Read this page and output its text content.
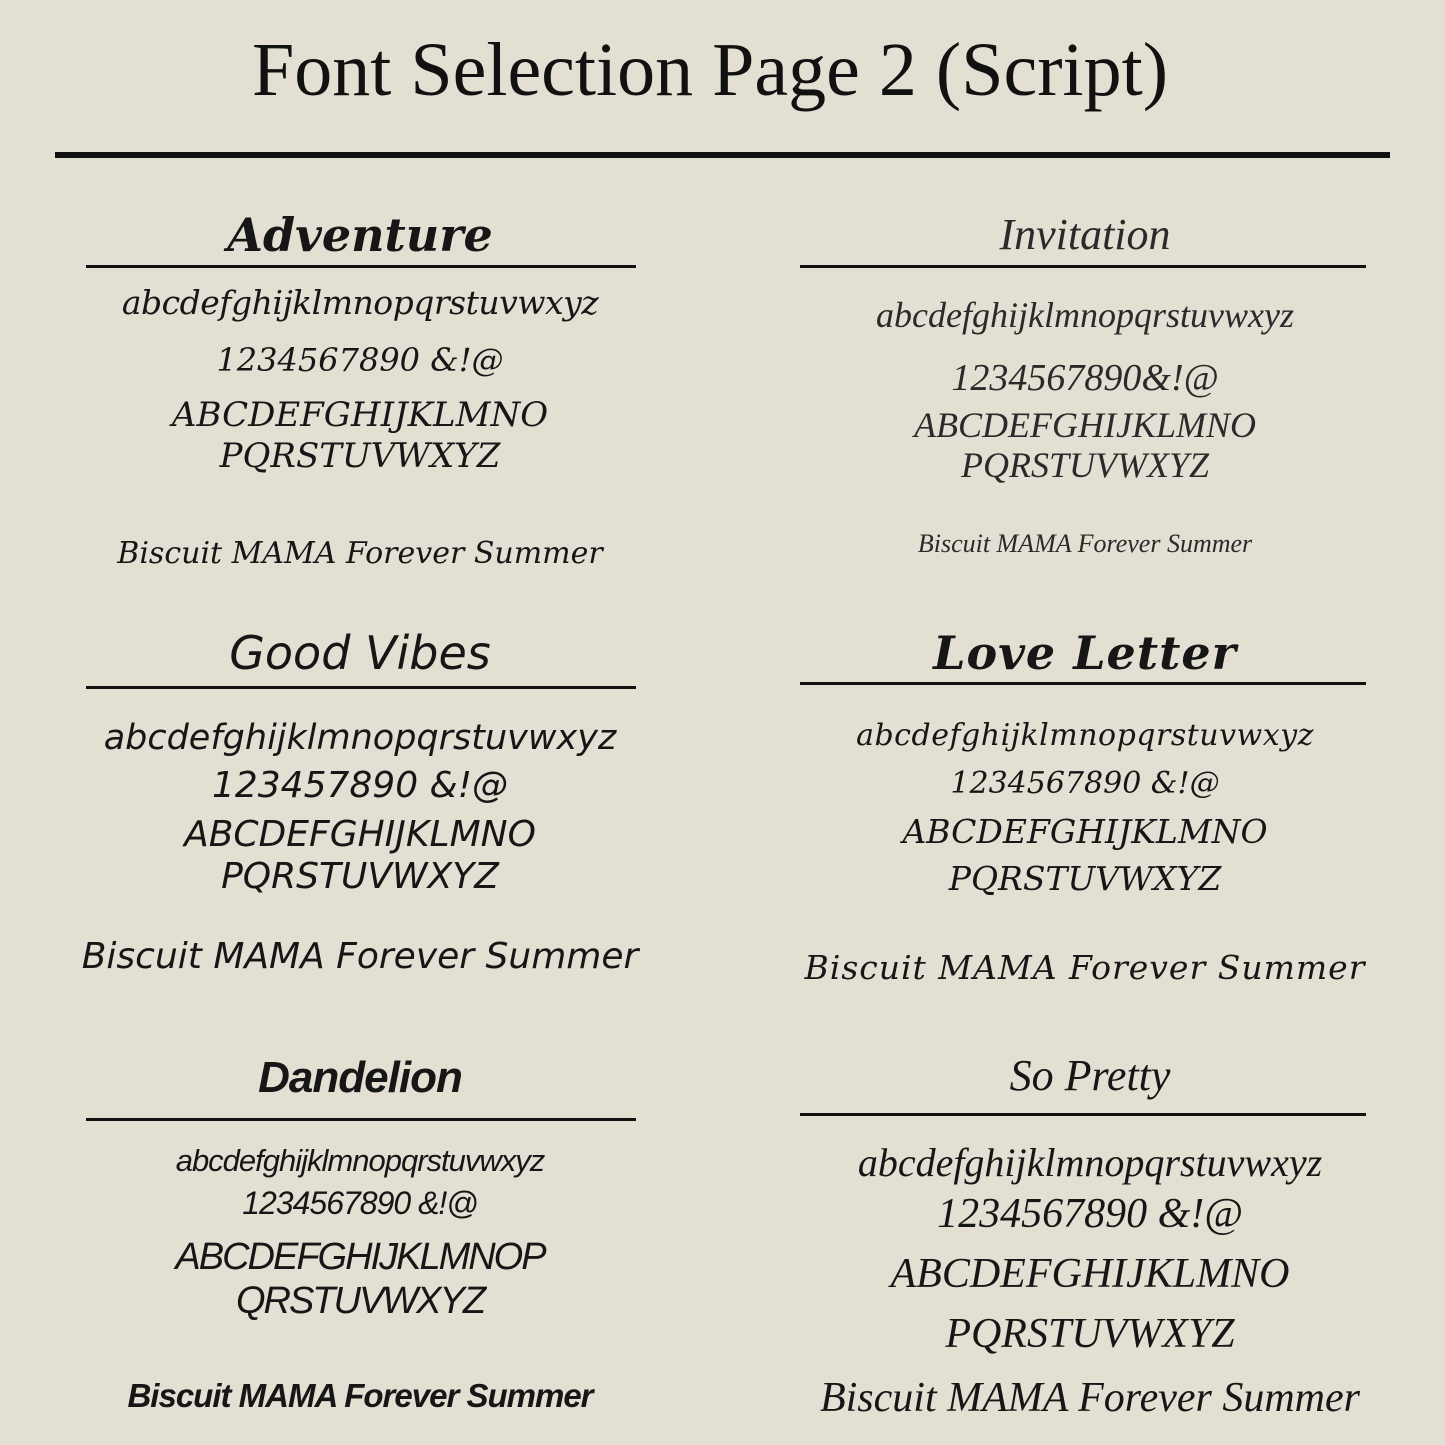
Font Selection Page 2 (Script)
Adventure
abcdefghijklmnopqrstuvwxyz
1234567890 &!@
ABCDEFGHIJKLMNO
PQRSTUVWXYZ
Biscuit MAMA Forever Summer
Invitation
abcdefghijklmnopqrstuvwxyz
1234567890&!@
ABCDEFGHIJKLMNO
PQRSTUVWXYZ
Biscuit MAMA Forever Summer
Good Vibes
abcdefghijklmnopqrstuvwxyz
123457890 &!@
ABCDEFGHIJKLMNO
PQRSTUVWXYZ
Biscuit MAMA Forever Summer
Love Letter
abcdefghijklmnopqrstuvwxyz
1234567890 &!@
ABCDEFGHIJKLMNO
PQRSTUVWXYZ
Biscuit MAMA Forever Summer
Dandelion
abcdefghijklmnopqrstuvwxyz
1234567890 &!@
ABCDEFGHIJKLMNOP
QRSTUVWXYZ
Biscuit MAMA Forever Summer
So Pretty
abcdefghijklmnopqrstuvwxyz
1234567890 &!@
ABCDEFGHIJKLMNO
PQRSTUVWXYZ
Biscuit MAMA Forever Summer
